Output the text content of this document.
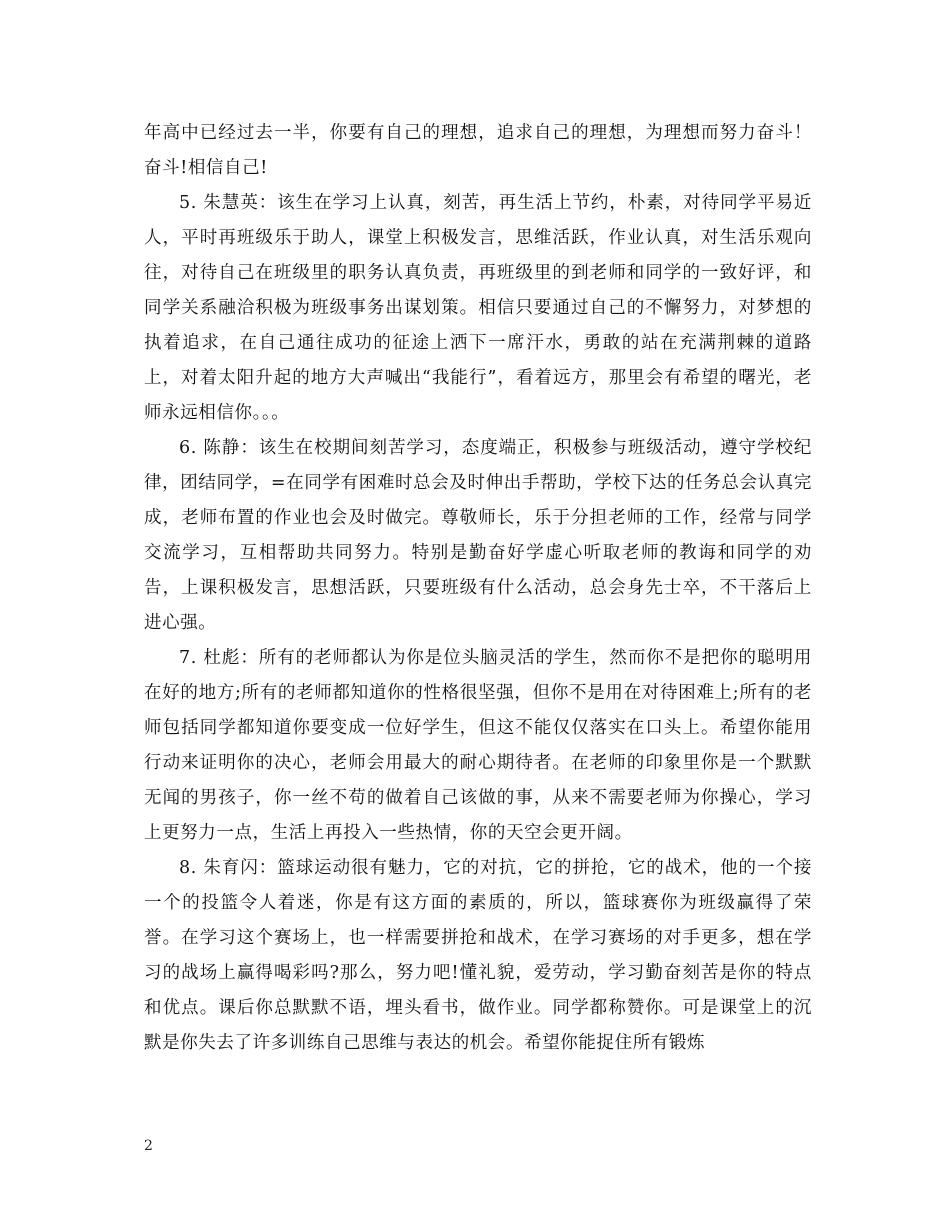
年高中已经过去一半，你要有自己的理想，追求自己的理想，为理想而努力奋斗！奋斗!相信自己!

5. 朱慧英：该生在学习上认真，刻苦，再生活上节约，朴素，对待同学平易近人，平时再班级乐于助人，课堂上积极发言，思维活跃，作业认真，对生活乐观向往，对待自己在班级里的职务认真负责，再班级里的到老师和同学的一致好评，和同学关系融洽积极为班级事务出谋划策。相信只要通过自己的不懈努力，对梦想的执着追求，在自己通往成功的征途上洒下一席汗水，勇敢的站在充满荆棘的道路上，对着太阳升起的地方大声喊出“我能行”，看着远方，那里会有希望的曙光，老师永远相信你。。。

6. 陈静：该生在校期间刻苦学习，态度端正，积极参与班级活动，遵守学校纪律，团结同学，=在同学有困难时总会及时伸出手帮助，学校下达的任务总会认真完成，老师布置的作业也会及时做完。尊敬师长，乐于分担老师的工作，经常与同学交流学习，互相帮助共同努力。特别是勤奋好学虚心听取老师的教诲和同学的劝告，上课积极发言，思想活跃，只要班级有什么活动，总会身先士卒，不干落后上进心强。

7. 杜彪：所有的老师都认为你是位头脑灵活的学生，然而你不是把你的聪明用在好的地方;所有的老师都知道你的性格很坚强，但你不是用在对待困难上;所有的老师包括同学都知道你要变成一位好学生，但这不能仅仅落实在口头上。希望你能用行动来证明你的决心，老师会用最大的耐心期待者。在老师的印象里你是一个默默无闻的男孩子，你一丝不苟的做着自己该做的事，从来不需要老师为你操心，学习上更努力一点，生活上再投入一些热情，你的天空会更开阔。

8. 朱育闪：篮球运动很有魅力，它的对抗，它的拼抢，它的战术，他的一个接一个的投篮令人着迷，你是有这方面的素质的，所以，篮球赛你为班级赢得了荣誉。在学习这个赛场上，也一样需要拼抢和战术，在学习赛场的对手更多，想在学习的战场上赢得喝彩吗?那么，努力吧!懂礼貌，爱劳动，学习勤奋刻苦是你的特点和优点。课后你总默默不语，埋头看书，做作业。同学都称赞你。可是课堂上的沉默是你失去了许多训练自己思维与表达的机会。希望你能捉住所有锻炼

2
